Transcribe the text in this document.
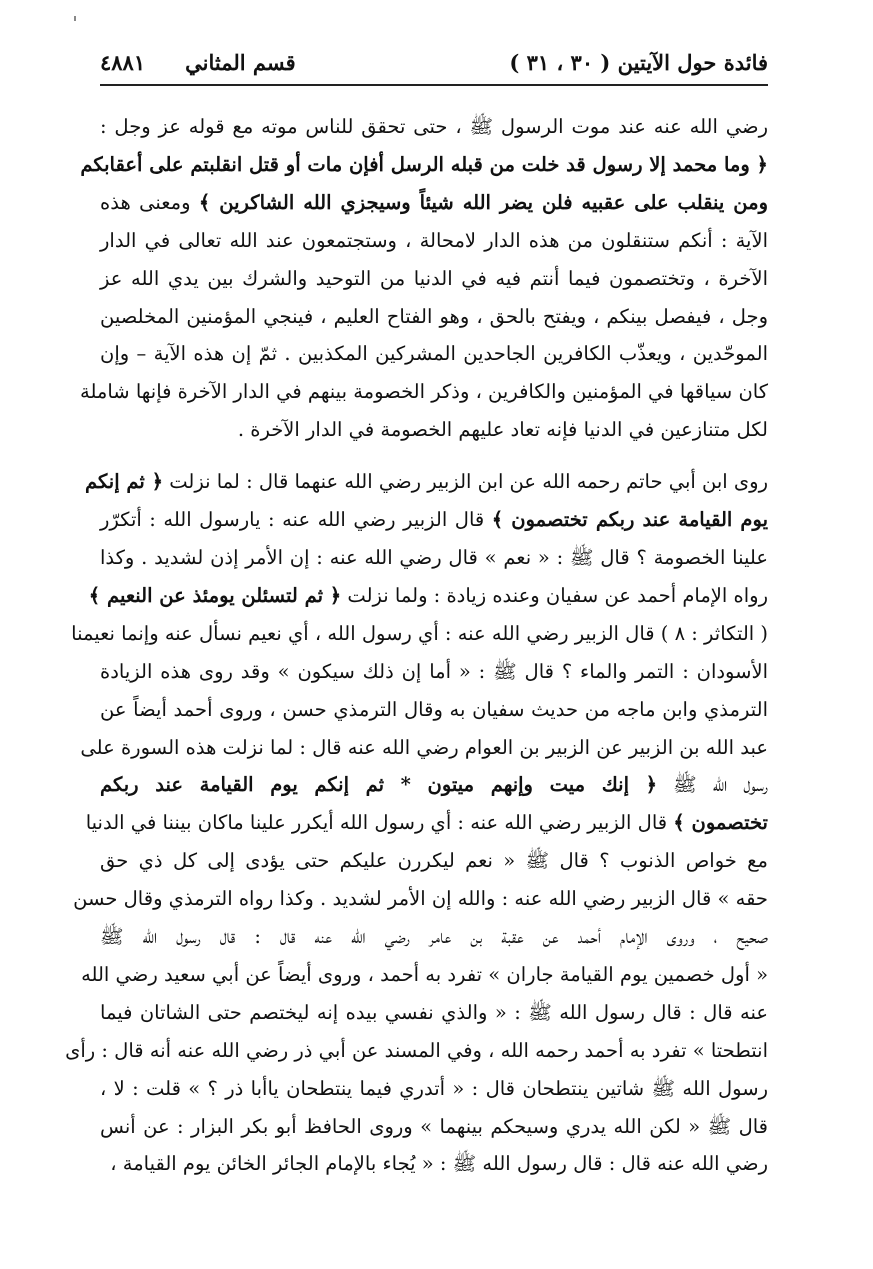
فائدة حول الآيتين ( ٣٠ ، ٣١ )
قسم المثاني
٤٨٨١

رضي الله عنه عند موت الرسول ﷺ ، حتى تحقق للناس موته مع قوله عز وجل :
﴿ وما محمد إلا رسول قد خلت من قبله الرسل أفإن مات أو قتل انقلبتم على أعقابكم
ومن ينقلب على عقبيه فلن يضر الله شيئاً وسيجزي الله الشاكرين ﴾ ومعنى هذه
الآية : أنكم ستنقلون من هذه الدار لامحالة ، وستجتمعون عند الله تعالى في الدار
الآخرة ، وتختصمون فيما أنتم فيه في الدنيا من التوحيد والشرك بين يدي الله عز
وجل ، فيفصل بينكم ، ويفتح بالحق ، وهو الفتاح العليم ، فينجي المؤمنين المخلصين
الموحّدين ، ويعذّب الكافرين الجاحدين المشركين المكذبين . ثمّ إن هذه الآية – وإن
كان سياقها في المؤمنين والكافرين ، وذكر الخصومة بينهم في الدار الآخرة فإنها شاملة
لكل متنازعين في الدنيا فإنه تعاد عليهم الخصومة في الدار الآخرة .

روى ابن أبي حاتم رحمه الله عن ابن الزبير رضي الله عنهما قال : لما نزلت ﴿ ثم إنكم
يوم القيامة عند ربكم تختصمون ﴾ قال الزبير رضي الله عنه : يارسول الله : أتكرّر
علينا الخصومة ؟ قال ﷺ : « نعم » قال رضي الله عنه : إن الأمر إذن لشديد . وكذا
رواه الإمام أحمد عن سفيان وعنده زيادة : ولما نزلت ﴿ ثم لتسئلن يومئذ عن النعيم ﴾
( التكاثر : ٨ ) قال الزبير رضي الله عنه : أي رسول الله ، أي نعيم نسأل عنه وإنما نعيمنا
الأسودان : التمر والماء ؟ قال ﷺ : « أما إن ذلك سيكون » وقد روى هذه الزيادة
الترمذي وابن ماجه من حديث سفيان به وقال الترمذي حسن ، وروى أحمد أيضاً عن
عبد الله بن الزبير عن الزبير بن العوام رضي الله عنه قال : لما نزلت هذه السورة على
رسول الله ﷺ ﴿ إنك ميت وإنهم ميتون * ثم إنكم يوم القيامة عند ربكم
تختصمون ﴾ قال الزبير رضي الله عنه : أي رسول الله أيكرر علينا ماكان بيننا في الدنيا
مع خواص الذنوب ؟ قال ﷺ « نعم ليكررن عليكم حتى يؤدى إلى كل ذي حق
حقه » قال الزبير رضي الله عنه : والله إن الأمر لشديد . وكذا رواه الترمذي وقال حسن
صحيح ، وروى الإمام أحمد عن عقبة بن عامر رضي الله عنه قال : قال رسول الله ﷺ
« أول خصمين يوم القيامة جاران » تفرد به أحمد ، وروى أيضاً عن أبي سعيد رضي الله
عنه قال : قال رسول الله ﷺ : « والذي نفسي بيده إنه ليختصم حتى الشاتان فيما
انتطحتا » تفرد به أحمد رحمه الله ، وفي المسند عن أبي ذر رضي الله عنه أنه قال : رأى
رسول الله ﷺ شاتين ينتطحان قال : « أتدري فيما ينتطحان ياأبا ذر ؟ » قلت : لا ،
قال ﷺ « لكن الله يدري وسيحكم بينهما » وروى الحافظ أبو بكر البزار : عن أنس
رضي الله عنه قال : قال رسول الله ﷺ : « يُجاء بالإمام الجائر الخائن يوم القيامة ،
